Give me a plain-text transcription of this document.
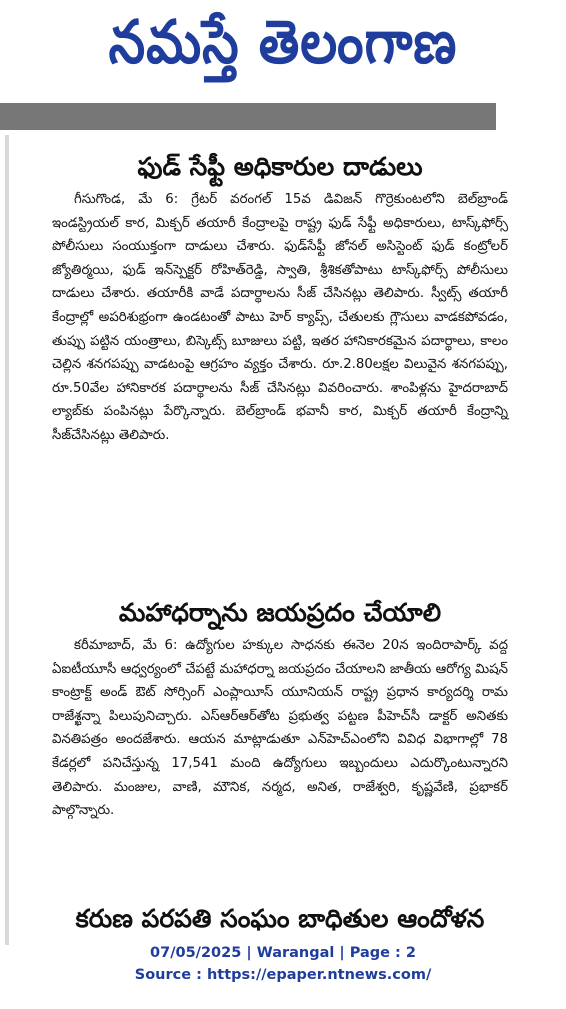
నమస్తే తెలంగాణ
ఫుడ్ సేఫ్టీ అధికారుల దాడులు

గీసుగొండ, మే 6: గ్రేటర్ వరంగల్ 15వ డివిజన్ గొర్రెకుంటలోని బెల్‌బ్రాండ్ ఇండస్ట్రియల్ కార, మిక్చర్ తయారీ కేంద్రాలపై రాష్ట్ర ఫుడ్ సేఫ్టీ అధికారులు, టాస్క్‌ఫోర్స్ పోలీసులు సంయుక్తంగా దాడులు చేశారు. ఫుడ్‌సేఫ్టీ జోనల్ అసిస్టెంట్ ఫుడ్ కంట్రోలర్ జ్యోతిర్మయి, ఫుడ్ ఇన్‌స్పెక్టర్ రోహిత్‌రెడ్డి, స్వాతి, శ్రీశికతోపాటు టాస్క్‌ఫోర్స్ పోలీసులు దాడులు చేశారు. తయారీకి వాడే పదార్థాలను సీజ్ చేసినట్లు తెలిపారు. స్వీట్స్ తయారీ కేంద్రాల్లో అపరిశుభ్రంగా ఉండటంతో పాటు హెర్ క్యాప్స్, చేతులకు గ్లౌసులు వాడకపోవడం, తుప్పు పట్టిన యంత్రాలు, బిస్కెట్స్ బూజులు పట్టి, ఇతర హానికారకమైన పదార్థాలు, కాలం చెల్లిన శనగపప్పు వాడటంపై ఆగ్రహం వ్యక్తం చేశారు. రూ.2.80లక్షల విలువైన శనగపప్పు, రూ.50వేల హానికారక పదార్థాలను సీజ్ చేసినట్లు వివరించారు. శాంపిళ్లను హైదరాబాద్ ల్యాబ్‌కు పంపినట్లు పేర్కొన్నారు. బెల్‌బ్రాండ్ భవానీ కార, మిక్చర్ తయారీ కేంద్రాన్ని సీజ్‌చేసినట్లు తెలిపారు.

మహాధర్నాను జయప్రదం చేయాలి

కరీమాబాద్, మే 6: ఉద్యోగుల హక్కుల సాధనకు ఈనెల 20న ఇందిరాపార్క్ వద్ద ఏఐటీయూసీ ఆధ్వర్యంలో చేపట్టే మహాధర్నా జయప్రదం చేయాలని జాతీయ ఆరోగ్య మిషన్ కాంట్రాక్ట్ అండ్ ఔట్ సోర్సింగ్ ఎంప్లాయీస్ యూనియన్ రాష్ట్ర ప్రధాన కార్యదర్శి రామ రాజేశ్ఖన్నా పిలుపునిచ్చారు. ఎస్‌ఆర్‌ఆర్‌తోట ప్రభుత్వ పట్టణ పీహెచ్‌సీ డాక్టర్ అనితకు వినతిపత్రం అందజేశారు. ఆయన మాట్లాడుతూ ఎన్‌హెచ్‌ఎంలోని వివిధ విభాగాల్లో 78 కేడర్లలో పనిచేస్తున్న 17,541 మంది ఉద్యోగులు ఇబ్బందులు ఎదుర్కొంటున్నారని తెలిపారు. మంజుల, వాణి, మౌనిక, నర్మద, అనిత, రాజేశ్వరి, కృష్ణవేణి, ప్రభాకర్ పాల్గొన్నారు.

కరుణ పరపతి సంఘం బాధితుల ఆందోళన
07/05/2025 | Warangal | Page : 2
Source : https://epaper.ntnews.com/
